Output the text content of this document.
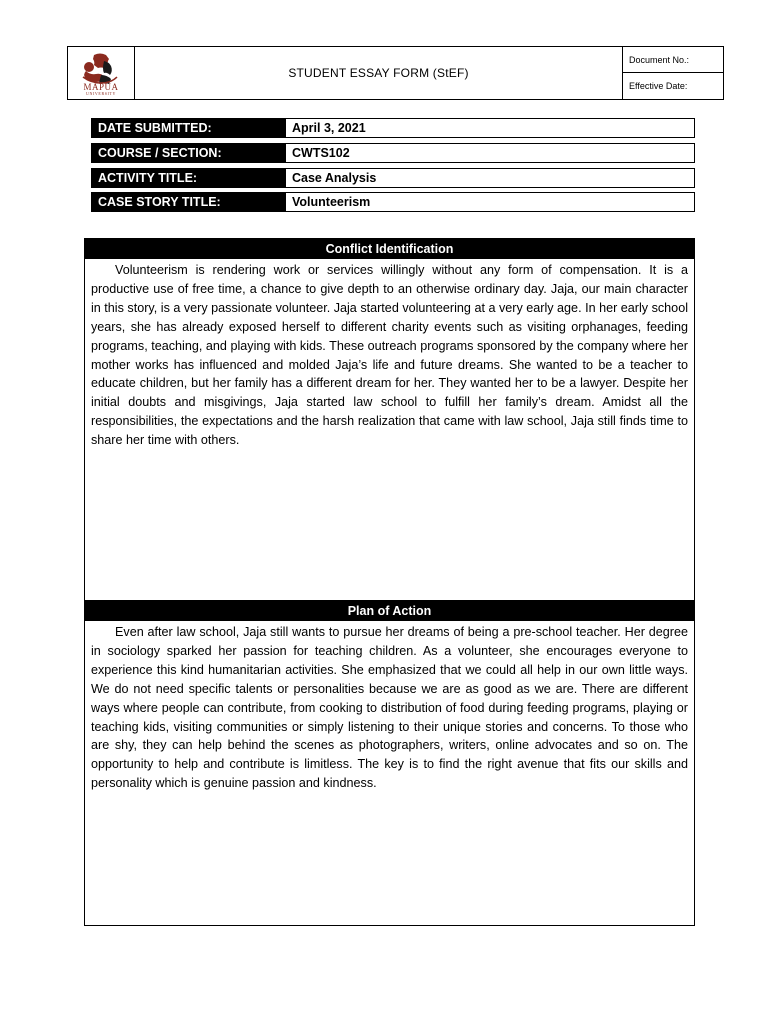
MAPÚA
UNIVERSITY
STUDENT ESSAY FORM (StEF)
Document No.:
Effective Date:
DATE SUBMITTED:	April 3, 2021
COURSE / SECTION:	CWTS102
ACTIVITY TITLE:	Case Analysis
CASE STORY TITLE:	Volunteerism
Conflict Identification
Volunteerism is rendering work or services willingly without any form of compensation. It is a productive use of free time, a chance to give depth to an otherwise ordinary day. Jaja, our main character in this story, is a very passionate volunteer. Jaja started volunteering at a very early age. In her early school years, she has already exposed herself to different charity events such as visiting orphanages, feeding programs, teaching, and playing with kids. These outreach programs sponsored by the company where her mother works has influenced and molded Jaja’s life and future dreams. She wanted to be a teacher to educate children, but her family has a different dream for her. They wanted her to be a lawyer. Despite her initial doubts and misgivings, Jaja started law school to fulfill her family’s dream. Amidst all the responsibilities, the expectations and the harsh realization that came with law school, Jaja still finds time to share her time with others.
Plan of Action
Even after law school, Jaja still wants to pursue her dreams of being a pre-school teacher. Her degree in sociology sparked her passion for teaching children. As a volunteer, she encourages everyone to experience this kind humanitarian activities. She emphasized that we could all help in our own little ways. We do not need specific talents or personalities because we are as good as we are. There are different ways where people can contribute, from cooking to distribution of food during feeding programs, playing or teaching kids, visiting communities or simply listening to their unique stories and concerns. To those who are shy, they can help behind the scenes as photographers, writers, online advocates and so on. The opportunity to help and contribute is limitless. The key is to find the right avenue that fits our skills and personality which is genuine passion and kindness.
